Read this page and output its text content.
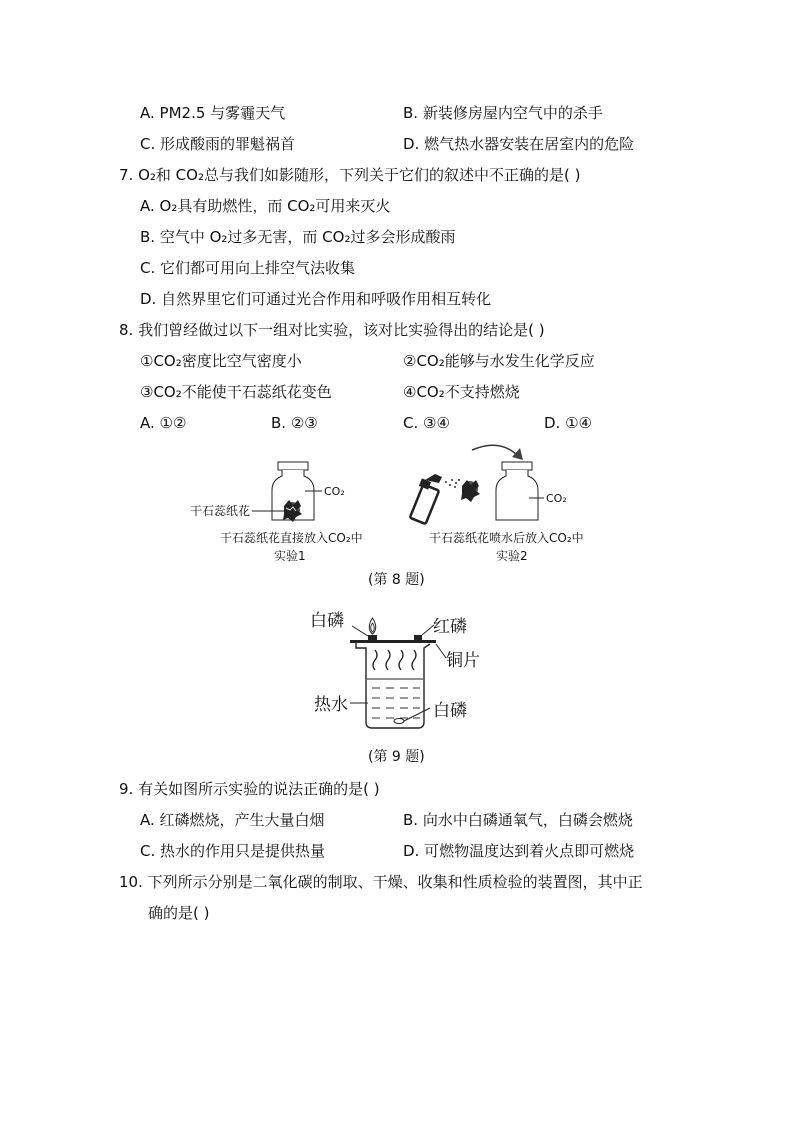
A. PM2.5 与雾霾天气	B. 新装修房屋内空气中的杀手
C. 形成酸雨的罪魁祸首	D. 燃气热水器安装在居室内的危险
7. O₂和 CO₂总与我们如影随形，下列关于它们的叙述中不正确的是( )
A. O₂具有助燃性，而 CO₂可用来灭火
B. 空气中 O₂过多无害，而 CO₂过多会形成酸雨
C. 它们都可用向上排空气法收集
D. 自然界里它们可通过光合作用和呼吸作用相互转化
8. 我们曾经做过以下一组对比实验，该对比实验得出的结论是( )
①CO₂密度比空气密度小	②CO₂能够与水发生化学反应
③CO₂不能使干石蕊纸花变色	④CO₂不支持燃烧
A. ①②	B. ②③	C. ③④	D. ①④
干石蕊纸花
CO₂
干石蕊纸花直接放入CO₂中
实验1
CO₂
干石蕊纸花喷水后放入CO₂中
实验2
(第 8 题)
白磷	红磷
铜片
热水	白磷
(第 9 题)
9. 有关如图所示实验的说法正确的是( )
A. 红磷燃烧，产生大量白烟	B. 向水中白磷通氧气，白磷会燃烧
C. 热水的作用只是提供热量	D. 可燃物温度达到着火点即可燃烧
10. 下列所示分别是二氧化碳的制取、干燥、收集和性质检验的装置图，其中正
确的是( )
